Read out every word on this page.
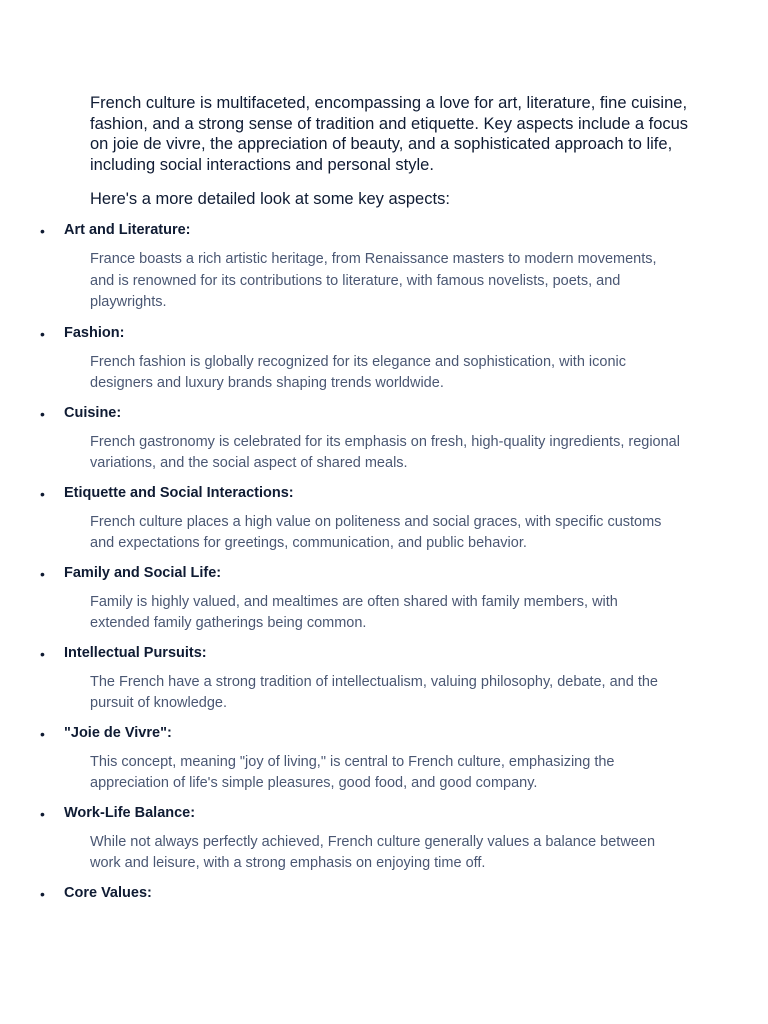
French culture is multifaceted, encompassing a love for art, literature, fine cuisine, fashion, and a strong sense of tradition and etiquette. Key aspects include a focus on joie de vivre, the appreciation of beauty, and a sophisticated approach to life, including social interactions and personal style.

Here's a more detailed look at some key aspects:

• Art and Literature:
France boasts a rich artistic heritage, from Renaissance masters to modern movements, and is renowned for its contributions to literature, with famous novelists, poets, and playwrights.
• Fashion:
French fashion is globally recognized for its elegance and sophistication, with iconic designers and luxury brands shaping trends worldwide.
• Cuisine:
French gastronomy is celebrated for its emphasis on fresh, high-quality ingredients, regional variations, and the social aspect of shared meals.
• Etiquette and Social Interactions:
French culture places a high value on politeness and social graces, with specific customs and expectations for greetings, communication, and public behavior.
• Family and Social Life:
Family is highly valued, and mealtimes are often shared with family members, with extended family gatherings being common.
• Intellectual Pursuits:
The French have a strong tradition of intellectualism, valuing philosophy, debate, and the pursuit of knowledge.
• "Joie de Vivre":
This concept, meaning "joy of living," is central to French culture, emphasizing the appreciation of life's simple pleasures, good food, and good company.
• Work-Life Balance:
While not always perfectly achieved, French culture generally values a balance between work and leisure, with a strong emphasis on enjoying time off.
• Core Values:
